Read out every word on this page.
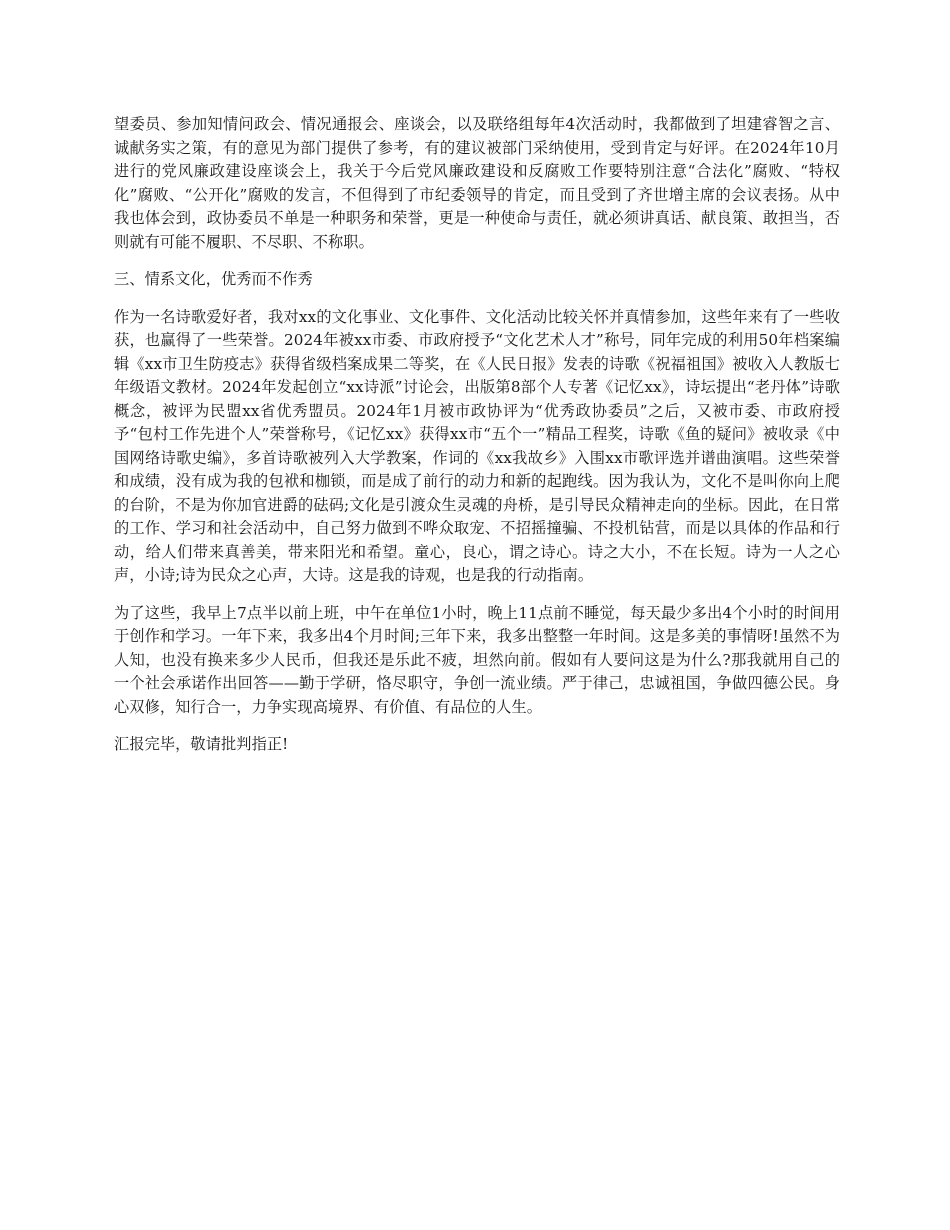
望委员、参加知情问政会、情况通报会、座谈会，以及联络组每年4次活动时，我都做到了坦建睿智之言、诚献务实之策，有的意见为部门提供了参考，有的建议被部门采纳使用，受到肯定与好评。在2024年10月进行的党风廉政建设座谈会上，我关于今后党风廉政建设和反腐败工作要特别注意“合法化”腐败、“特权化”腐败、“公开化”腐败的发言，不但得到了市纪委领导的肯定，而且受到了齐世增主席的会议表扬。从中我也体会到，政协委员不单是一种职务和荣誉，更是一种使命与责任，就必须讲真话、献良策、敢担当，否则就有可能不履职、不尽职、不称职。

三、情系文化，优秀而不作秀

作为一名诗歌爱好者，我对xx的文化事业、文化事件、文化活动比较关怀并真情参加，这些年来有了一些收获，也赢得了一些荣誉。2024年被xx市委、市政府授予“文化艺术人才”称号，同年完成的利用50年档案编辑《xx市卫生防疫志》获得省级档案成果二等奖，在《人民日报》发表的诗歌《祝福祖国》被收入人教版七年级语文教材。2024年发起创立“xx诗派”讨论会，出版第8部个人专著《记忆xx》，诗坛提出“老丹体”诗歌概念，被评为民盟xx省优秀盟员。2024年1月被市政协评为“优秀政协委员”之后，又被市委、市政府授予“包村工作先进个人”荣誉称号，《记忆xx》获得xx市“五个一”精品工程奖，诗歌《鱼的疑问》被收录《中国网络诗歌史编》，多首诗歌被列入大学教案，作词的《xx我故乡》入围xx市歌评选并谱曲演唱。这些荣誉和成绩，没有成为我的包袱和枷锁，而是成了前行的动力和新的起跑线。因为我认为，文化不是叫你向上爬的台阶，不是为你加官进爵的砝码;文化是引渡众生灵魂的舟桥，是引导民众精神走向的坐标。因此，在日常的工作、学习和社会活动中，自己努力做到不哗众取宠、不招摇撞骗、不投机钻营，而是以具体的作品和行动，给人们带来真善美，带来阳光和希望。童心，良心，谓之诗心。诗之大小，不在长短。诗为一人之心声，小诗;诗为民众之心声，大诗。这是我的诗观，也是我的行动指南。

为了这些，我早上7点半以前上班，中午在单位1小时，晚上11点前不睡觉，每天最少多出4个小时的时间用于创作和学习。一年下来，我多出4个月时间;三年下来，我多出整整一年时间。这是多美的事情呀!虽然不为人知，也没有换来多少人民币，但我还是乐此不疲，坦然向前。假如有人要问这是为什么?那我就用自己的一个社会承诺作出回答——勤于学研，恪尽职守，争创一流业绩。严于律己，忠诚祖国，争做四德公民。身心双修，知行合一，力争实现高境界、有价值、有品位的人生。

汇报完毕，敬请批判指正!
